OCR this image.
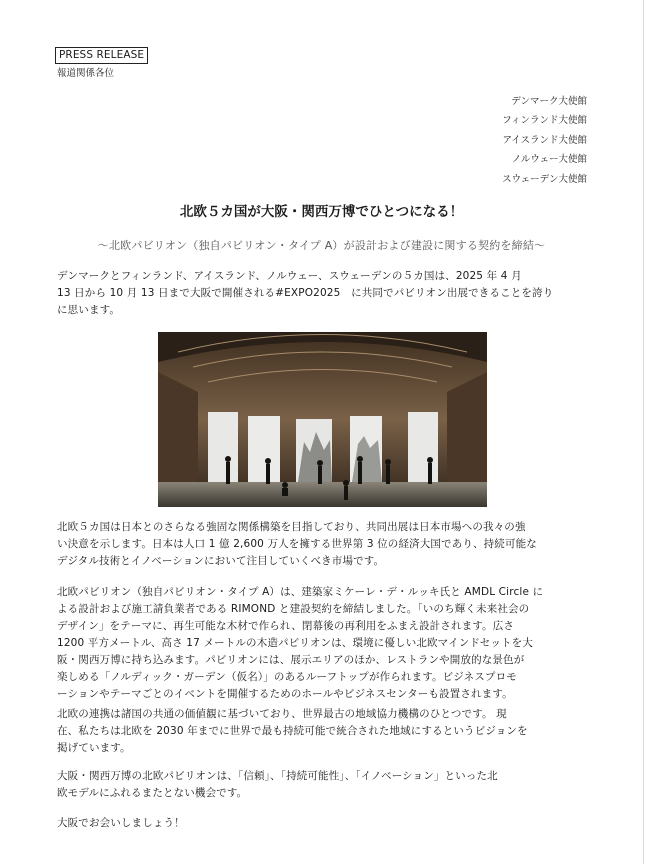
PRESS RELEASE
報道関係各位
デンマーク大使館
フィンランド大使館
アイスランド大使館
ノルウェー大使館
スウェーデン大使館
北欧５カ国が大阪・関西万博でひとつになる！
〜北欧パビリオン（独自パビリオン・タイプ A）が設計および建設に関する契約を締結〜
デンマークとフィンランド、アイスランド、ノルウェー、スウェーデンの５カ国は、2025 年 4 月
13 日から 10 月 13 日まで大阪で開催される#EXPO2025　に共同でパビリオン出展できることを誇り
に思います。
北欧５カ国は日本とのさらなる強固な関係構築を目指しており、共同出展は日本市場への我々の強
い決意を示します。日本は人口 1 億 2,600 万人を擁する世界第 3 位の経済大国であり、持続可能な
デジタル技術とイノベーションにおいて注目していくべき市場です。
北欧パビリオン（独自パビリオン・タイプ A）は、建築家ミケーレ・デ・ルッキ氏と AMDL Circle に
よる設計および施工請負業者である RIMOND と建設契約を締結しました。「いのち輝く未来社会の
デザイン」をテーマに、再生可能な木材で作られ、閉幕後の再利用をふまえ設計されます。広さ
1200 平方メートル、高さ 17 メートルの木造パビリオンは、環境に優しい北欧マインドセットを大
阪・関西万博に持ち込みます。パビリオンには、展示エリアのほか、レストランや開放的な景色が
楽しめる「ノルディック・ガーデン（仮名）」のあるルーフトップが作られます。ビジネスプロモ
ーションやテーマごとのイベントを開催するためのホールやビジネスセンターも設置されます。
北欧の連携は諸国の共通の価値観に基づいており、世界最古の地域協力機構のひとつです。 現
在、私たちは北欧を 2030 年までに世界で最も持続可能で統合された地域にするというビジョンを
掲げています。
大阪・関西万博の北欧パビリオンは、「信頼」、「持続可能性」、「イノベーション」といった北
欧モデルにふれるまたとない機会です。
大阪でお会いしましょう！
